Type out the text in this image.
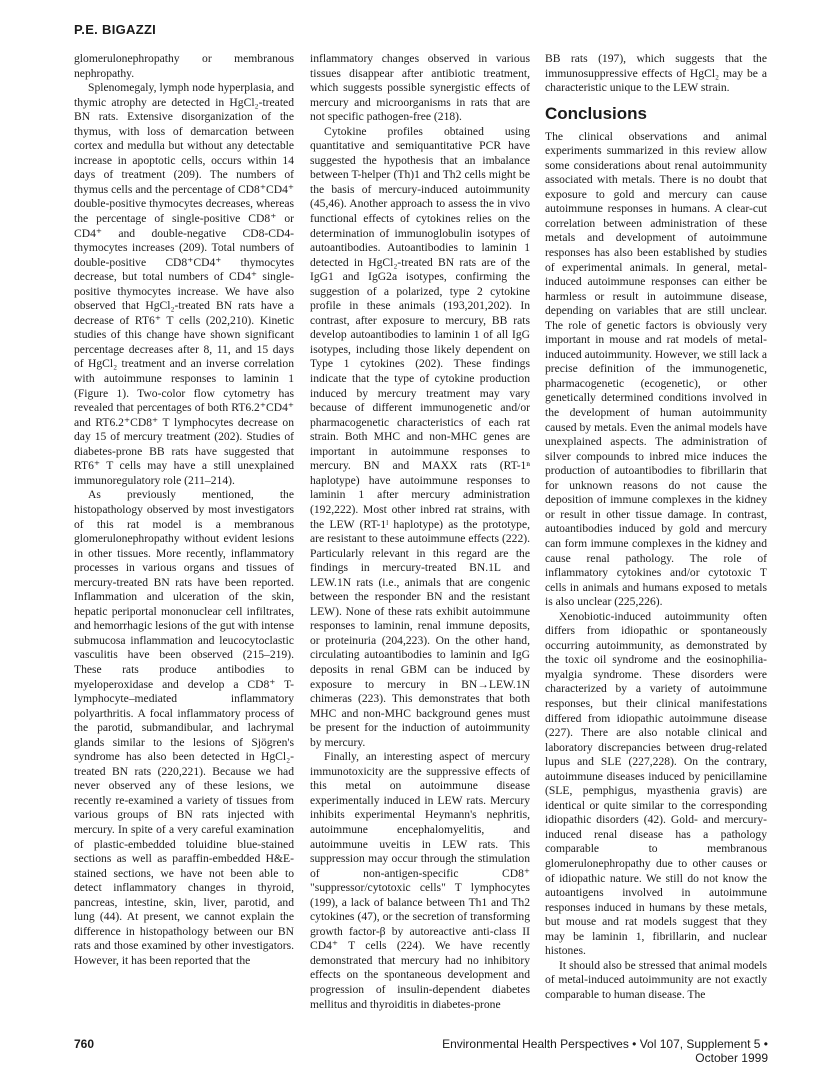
P.E. BIGAZZI

glomerulonephropathy or membranous nephropathy.

Splenomegaly, lymph node hyperplasia, and thymic atrophy are detected in HgCl₂-treated BN rats. Extensive disorganization of the thymus, with loss of demarcation between cortex and medulla but without any detectable increase in apoptotic cells, occurs within 14 days of treatment (209). The numbers of thymus cells and the percentage of CD8⁺CD4⁺ double-positive thymocytes decreases, whereas the percentage of single-positive CD8⁺ or CD4⁺ and double-negative CD8-CD4- thymocytes increases (209). Total numbers of double-positive CD8⁺CD4⁺ thymocytes decrease, but total numbers of CD4⁺ single-positive thymocytes increase. We have also observed that HgCl₂-treated BN rats have a decrease of RT6⁺ T cells (202,210). Kinetic studies of this change have shown significant percentage decreases after 8, 11, and 15 days of HgCl₂ treatment and an inverse correlation with autoimmune responses to laminin 1 (Figure 1). Two-color flow cytometry has revealed that percentages of both RT6.2⁺CD4⁺ and RT6.2⁺CD8⁺ T lymphocytes decrease on day 15 of mercury treatment (202). Studies of diabetes-prone BB rats have suggested that RT6⁺ T cells may have a still unexplained immunoregulatory role (211–214).

As previously mentioned, the histopathology observed by most investigators of this rat model is a membranous glomerulonephropathy without evident lesions in other tissues. More recently, inflammatory processes in various organs and tissues of mercury-treated BN rats have been reported. Inflammation and ulceration of the skin, hepatic periportal mononuclear cell infiltrates, and hemorrhagic lesions of the gut with intense submucosa inflammation and leucocytoclastic vasculitis have been observed (215–219). These rats produce antibodies to myeloperoxidase and develop a CD8⁺ T-lymphocyte–mediated inflammatory polyarthritis. A focal inflammatory process of the parotid, submandibular, and lachrymal glands similar to the lesions of Sjögren's syndrome has also been detected in HgCl₂-treated BN rats (220,221). Because we had never observed any of these lesions, we recently re-examined a variety of tissues from various groups of BN rats injected with mercury. In spite of a very careful examination of plastic-embedded toluidine blue-stained sections as well as paraffin-embedded H&E-stained sections, we have not been able to detect inflammatory changes in thyroid, pancreas, intestine, skin, liver, parotid, and lung (44). At present, we cannot explain the difference in histopathology between our BN rats and those examined by other investigators. However, it has been reported that the

inflammatory changes observed in various tissues disappear after antibiotic treatment, which suggests possible synergistic effects of mercury and microorganisms in rats that are not specific pathogen-free (218).

Cytokine profiles obtained using quantitative and semiquantitative PCR have suggested the hypothesis that an imbalance between T-helper (Th)1 and Th2 cells might be the basis of mercury-induced autoimmunity (45,46). Another approach to assess the in vivo functional effects of cytokines relies on the determination of immunoglobulin isotypes of autoantibodies. Autoantibodies to laminin 1 detected in HgCl₂-treated BN rats are of the IgG1 and IgG2a isotypes, confirming the suggestion of a polarized, type 2 cytokine profile in these animals (193,201,202). In contrast, after exposure to mercury, BB rats develop autoantibodies to laminin 1 of all IgG isotypes, including those likely dependent on Type 1 cytokines (202). These findings indicate that the type of cytokine production induced by mercury treatment may vary because of different immunogenetic and/or pharmacogenetic characteristics of each rat strain. Both MHC and non-MHC genes are important in autoimmune responses to mercury. BN and MAXX rats (RT-1ⁿ haplotype) have autoimmune responses to laminin 1 after mercury administration (192,222). Most other inbred rat strains, with the LEW (RT-1ˡ haplotype) as the prototype, are resistant to these autoimmune effects (222). Particularly relevant in this regard are the findings in mercury-treated BN.1L and LEW.1N rats (i.e., animals that are congenic between the responder BN and the resistant LEW). None of these rats exhibit autoimmune responses to laminin, renal immune deposits, or proteinuria (204,223). On the other hand, circulating autoantibodies to laminin and IgG deposits in renal GBM can be induced by exposure to mercury in BN→LEW.1N chimeras (223). This demonstrates that both MHC and non-MHC background genes must be present for the induction of autoimmunity by mercury.

Finally, an interesting aspect of mercury immunotoxicity are the suppressive effects of this metal on autoimmune disease experimentally induced in LEW rats. Mercury inhibits experimental Heymann's nephritis, autoimmune encephalomyelitis, and autoimmune uveitis in LEW rats. This suppression may occur through the stimulation of non-antigen-specific CD8⁺ "suppressor/cytotoxic cells" T lymphocytes (199), a lack of balance between Th1 and Th2 cytokines (47), or the secretion of transforming growth factor-β by autoreactive anti-class II CD4⁺ T cells (224). We have recently demonstrated that mercury had no inhibitory effects on the spontaneous development and progression of insulin-dependent diabetes mellitus and thyroiditis in diabetes-prone

BB rats (197), which suggests that the immunosuppressive effects of HgCl₂ may be a characteristic unique to the LEW strain.

Conclusions

The clinical observations and animal experiments summarized in this review allow some considerations about renal autoimmunity associated with metals. There is no doubt that exposure to gold and mercury can cause autoimmune responses in humans. A clear-cut correlation between administration of these metals and development of autoimmune responses has also been established by studies of experimental animals. In general, metal-induced autoimmune responses can either be harmless or result in autoimmune disease, depending on variables that are still unclear. The role of genetic factors is obviously very important in mouse and rat models of metal-induced autoimmunity. However, we still lack a precise definition of the immunogenetic, pharmacogenetic (ecogenetic), or other genetically determined conditions involved in the development of human autoimmunity caused by metals. Even the animal models have unexplained aspects. The administration of silver compounds to inbred mice induces the production of autoantibodies to fibrillarin that for unknown reasons do not cause the deposition of immune complexes in the kidney or result in other tissue damage. In contrast, autoantibodies induced by gold and mercury can form immune complexes in the kidney and cause renal pathology. The role of inflammatory cytokines and/or cytotoxic T cells in animals and humans exposed to metals is also unclear (225,226).

Xenobiotic-induced autoimmunity often differs from idiopathic or spontaneously occurring autoimmunity, as demonstrated by the toxic oil syndrome and the eosinophilia-myalgia syndrome. These disorders were characterized by a variety of autoimmune responses, but their clinical manifestations differed from idiopathic autoimmune disease (227). There are also notable clinical and laboratory discrepancies between drug-related lupus and SLE (227,228). On the contrary, autoimmune diseases induced by penicillamine (SLE, pemphigus, myasthenia gravis) are identical or quite similar to the corresponding idiopathic disorders (42). Gold- and mercury-induced renal disease has a pathology comparable to membranous glomerulonephropathy due to other causes or of idiopathic nature. We still do not know the autoantigens involved in autoimmune responses induced in humans by these metals, but mouse and rat models suggest that they may be laminin 1, fibrillarin, and nuclear histones.

It should also be stressed that animal models of metal-induced autoimmunity are not exactly comparable to human disease. The

760	Environmental Health Perspectives • Vol 107, Supplement 5 • October 1999
